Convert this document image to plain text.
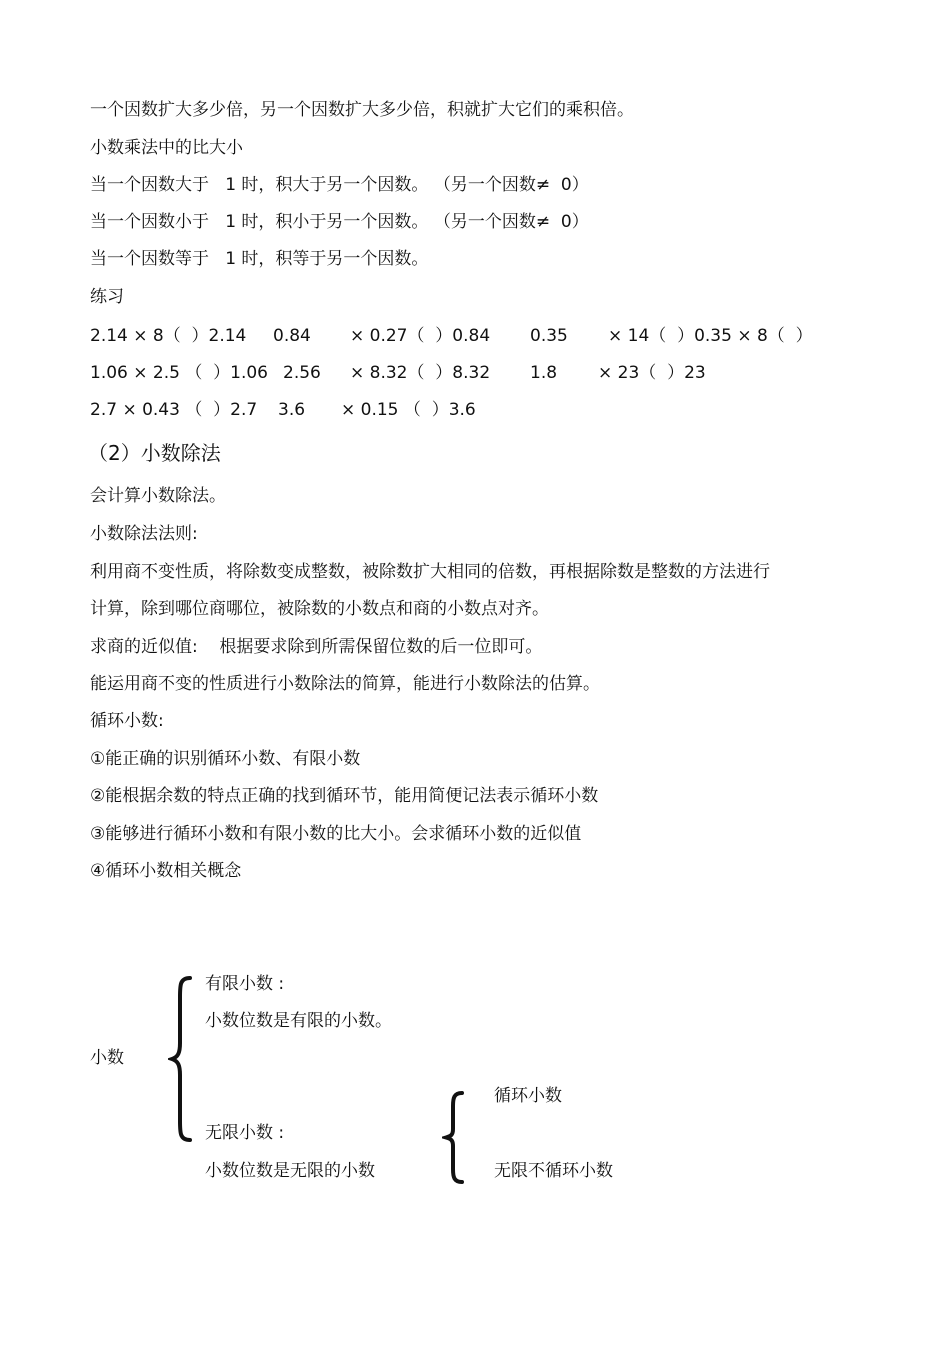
一个因数扩大多少倍，另一个因数扩大多少倍，积就扩大它们的乘积倍。
小数乘法中的比大小
当一个因数大于   1 时，积大于另一个因数。 （另一个因数≠  0）
当一个因数小于   1 时，积小于另一个因数。 （另一个因数≠  0）
当一个因数等于   1 时，积等于另一个因数。
练习
2.14 × 8（  ）2.14 0.84 × 0.27（  ）0.84 0.35 × 14（  ）0.35 × 8（  ）
1.06 × 2.5 （  ）1.06 2.56 × 8.32（  ）8.32 1.8 × 23（  ）23
2.7 × 0.43 （  ）2.7 3.6 × 0.15 （  ）3.6
（2）小数除法
会计算小数除法。
小数除法法则:
利用商不变性质，将除数变成整数，被除数扩大相同的倍数，再根据除数是整数的方法进行
计算，除到哪位商哪位，被除数的小数点和商的小数点对齐。
求商的近似值:    根据要求除到所需保留位数的后一位即可。
能运用商不变的性质进行小数除法的简算，能进行小数除法的估算。
循环小数:
①能正确的识别循环小数、有限小数
②能根据余数的特点正确的找到循环节，能用简便记法表示循环小数
③能够进行循环小数和有限小数的比大小。会求循环小数的近似值
④循环小数相关概念
小数
有限小数 :
小数位数是有限的小数。
无限小数 :
小数位数是无限的小数
循环小数
无限不循环小数
